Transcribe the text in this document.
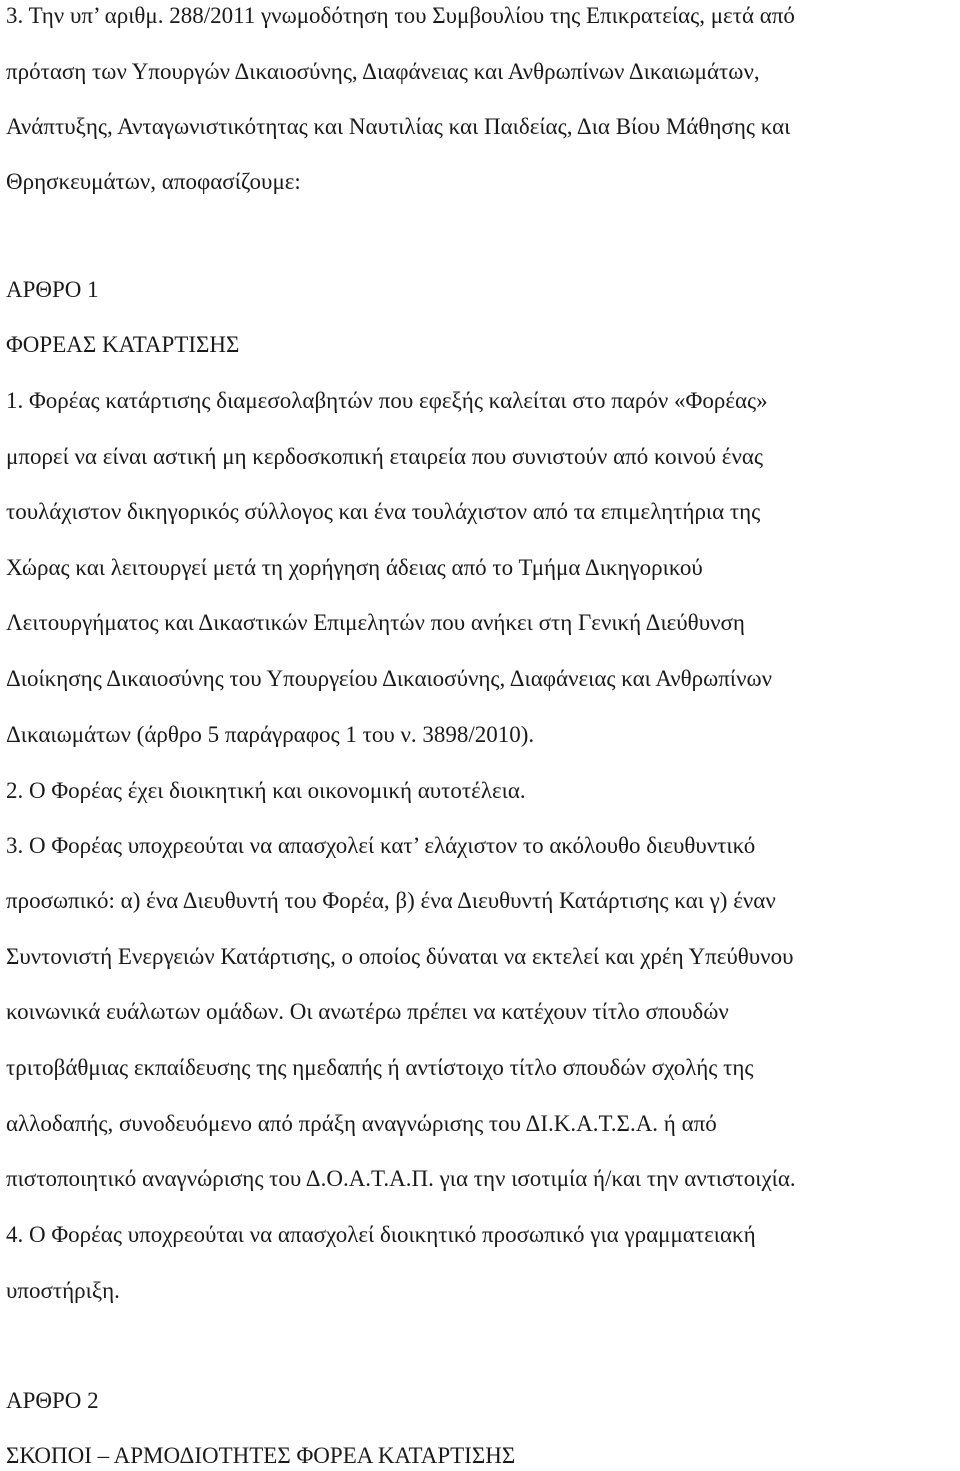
3. Την υπ’ αριθμ. 288/2011 γνωμοδότηση του Συμβουλίου της Επικρατείας, μετά από
πρόταση των Υπουργών Δικαιοσύνης, Διαφάνειας και Ανθρωπίνων Δικαιωμάτων,
Ανάπτυξης, Ανταγωνιστικότητας και Ναυτιλίας και Παιδείας, Δια Βίου Μάθησης και
Θρησκευμάτων, αποφασίζουμε:
ΑΡΘΡΟ 1
ΦΟΡΕΑΣ ΚΑΤΑΡΤΙΣΗΣ
1. Φορέας κατάρτισης διαμεσολαβητών που εφεξής καλείται στο παρόν «Φορέας»
μπορεί να είναι αστική μη κερδοσκοπική εταιρεία που συνιστούν από κοινού ένας
τουλάχιστον δικηγορικός σύλλογος και ένα τουλάχιστον από τα επιμελητήρια της
Χώρας και λειτουργεί μετά τη χορήγηση άδειας από το Τμήμα Δικηγορικού
Λειτουργήματος και Δικαστικών Επιμελητών που ανήκει στη Γενική Διεύθυνση
Διοίκησης Δικαιοσύνης του Υπουργείου Δικαιοσύνης, Διαφάνειας και Ανθρωπίνων
Δικαιωμάτων (άρθρο 5 παράγραφος 1 του ν. 3898/2010).
2. Ο Φορέας έχει διοικητική και οικονομική αυτοτέλεια.
3. Ο Φορέας υποχρεούται να απασχολεί κατ’ ελάχιστον το ακόλουθο διευθυντικό
προσωπικό: α) ένα Διευθυντή του Φορέα, β) ένα Διευθυντή Κατάρτισης και γ) έναν
Συντονιστή Ενεργειών Κατάρτισης, ο οποίος δύναται να εκτελεί και χρέη Υπεύθυνου
κοινωνικά ευάλωτων ομάδων. Οι ανωτέρω πρέπει να κατέχουν τίτλο σπουδών
τριτοβάθμιας εκπαίδευσης της ημεδαπής ή αντίστοιχο τίτλο σπουδών σχολής της
αλλοδαπής, συνοδευόμενο από πράξη αναγνώρισης του ΔΙ.Κ.Α.Τ.Σ.Α. ή από
πιστοποιητικό αναγνώρισης του Δ.Ο.Α.Τ.Α.Π. για την ισοτιμία ή/και την αντιστοιχία.
4. Ο Φορέας υποχρεούται να απασχολεί διοικητικό προσωπικό για γραμματειακή
υποστήριξη.
ΑΡΘΡΟ 2
ΣΚΟΠΟΙ – ΑΡΜΟΔΙΟΤΗΤΕΣ ΦΟΡΕΑ ΚΑΤΑΡΤΙΣΗΣ
